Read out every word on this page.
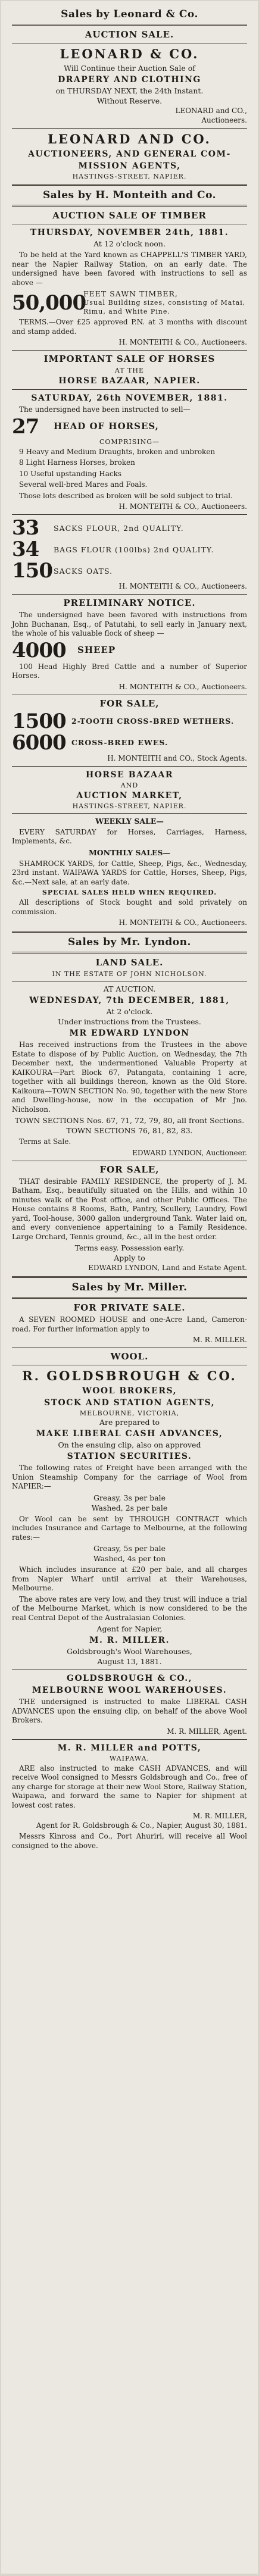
Sales by Leonard & Co.
AUCTION SALE.
LEONARD & CO.
Will Continue their Auction Sale of
DRAPERY AND CLOTHING
on THURSDAY NEXT, the 24th Instant.
Without Reserve.
LEONARD and CO.,
Auctioneers.
LEONARD AND CO.
AUCTIONEERS, AND GENERAL COM-
MISSION AGENTS,
HASTINGS-STREET, NAPIER.
Sales by H. Monteith and Co.
AUCTION SALE OF TIMBER
THURSDAY, NOVEMBER 24th, 1881.
At 12 o'clock noon.
To be held at the Yard known as CHAPPELL'S TIMBER YARD, near the Napier Railway Station, on an early date. The undersigned have been favored with instructions to sell as above —
50,000
FEET SAWN TIMBER,
Usual Building sizes, consisting of Matai, Rimu, and White Pine.
TERMS.—Over £25 approved P.N. at 3 months with discount and stamp added.
H. MONTEITH & CO., Auctioneers.
IMPORTANT SALE OF HORSES
AT THE
HORSE BAZAAR, NAPIER.
SATURDAY, 26th NOVEMBER, 1881.
The undersigned have been instructed to sell—
27	HEAD OF HORSES,
COMPRISING—
9 Heavy and Medium Draughts, broken and unbroken
8 Light Harness Horses, broken
10 Useful upstanding Hacks
Several well-bred Mares and Foals.
Those lots described as broken will be sold subject to trial.
H. MONTEITH & CO., Auctioneers.
33	SACKS FLOUR, 2nd QUALITY.
34	BAGS FLOUR (100lbs) 2nd QUALITY.
150 SACKS OATS.
H. MONTEITH & CO., Auctioneers.
PRELIMINARY NOTICE.
The undersigned have been favored with instructions from John Buchanan, Esq., of Patutahi, to sell early in January next, the whole of his valuable flock of sheep —
4000	SHEEP
100 Head Highly Bred Cattle and a number of Superior Horses.
H. MONTEITH & CO., Auctioneers.
FOR SALE,
1500 2-TOOTH CROSS-BRED WETHERS.
6000 CROSS-BRED EWES.
H. MONTEITH and CO., Stock Agents.
HORSE BAZAAR
AND
AUCTION MARKET,
HASTINGS-STREET, NAPIER.
WEEKLY SALE—
EVERY SATURDAY for Horses, Carriages, Harness, Implements, &c.
MONTHLY SALES—
SHAMROCK YARDS, for Cattle, Sheep, Pigs, &c., Wednesday, 23rd instant. WAIPAWA YARDS for Cattle, Horses, Sheep, Pigs, &c.—Next sale, at an early date.
SPECIAL SALES HELD WHEN REQUIRED.
All descriptions of Stock bought and sold privately on commission.
H. MONTEITH & CO., Auctioneers.
Sales by Mr. Lyndon.
LAND SALE.
IN THE ESTATE OF JOHN NICHOLSON.
AT AUCTION.
WEDNESDAY, 7th DECEMBER, 1881,
At 2 o'clock.
Under instructions from the Trustees.
MR EDWARD LYNDON
Has received instructions from the Trustees in the above Estate to dispose of by Public Auction, on Wednesday, the 7th December next, the undermentioned Valuable Property at KAIKOURA—Part Block 67, Patangata, containing 1 acre, together with all buildings thereon, known as the Old Store. Kaikoura—TOWN SECTION No. 90, together with the new Store and Dwelling-house, now in the occupation of Mr Jno. Nicholson.
TOWN SECTIONS Nos. 67, 71, 72, 79, 80, all front Sections.
TOWN SECTIONS 76, 81, 82, 83.
Terms at Sale.
EDWARD LYNDON, Auctioneer.
FOR SALE,
THAT desirable FAMILY RESIDENCE, the property of J. M. Batham, Esq., beautifully situated on the Hills, and within 10 minutes walk of the Post office, and other Public Offices. The House contains 8 Rooms, Bath, Pantry, Scullery, Laundry, Fowl yard, Tool-house, 3000 gallon underground Tank. Water laid on, and every convenience appertaining to a Family Residence. Large Orchard, Tennis ground, &c., all in the best order.
Terms easy. Possession early.
Apply to
EDWARD LYNDON, Land and Estate Agent.
Sales by Mr. Miller.
FOR PRIVATE SALE.
A SEVEN ROOMED HOUSE and one-Acre Land, Cameron-road. For further information apply to
M. R. MILLER.
WOOL.
R. GOLDSBROUGH & CO.
WOOL BROKERS,
STOCK AND STATION AGENTS,
MELBOURNE, VICTORIA,
Are prepared to
MAKE LIBERAL CASH ADVANCES,
On the ensuing clip, also on approved
STATION SECURITIES.
The following rates of Freight have been arranged with the Union Steamship Company for the carriage of Wool from NAPIER:—
Greasy, 3s per bale
Washed, 2s per bale
Or Wool can be sent by THROUGH CONTRACT which includes Insurance and Cartage to Melbourne, at the following rates:—
Greasy, 5s per bale
Washed, 4s per ton
Which includes insurance at £20 per bale, and all charges from Napier Wharf until arrival at their Warehouses, Melbourne.
The above rates are very low, and they trust will induce a trial of the Melbourne Market, which is now considered to be the real Central Depot of the Australasian Colonies.
Agent for Napier,
M. R. MILLER.
Goldsbrough's Wool Warehouses,
August 13, 1881.
GOLDSBROUGH & CO.,
MELBOURNE WOOL WAREHOUSES.
THE undersigned is instructed to make LIBERAL CASH ADVANCES upon the ensuing clip, on behalf of the above Wool Brokers.
M. R. MILLER, Agent.
M. R. MILLER and POTTS,
WAIPAWA,
ARE also instructed to make CASH ADVANCES, and will receive Wool consigned to Messrs Goldsbrough and Co., free of any charge for storage at their new Wool Store, Railway Station, Waipawa, and forward the same to Napier for shipment at lowest cost rates.
M. R. MILLER,
Agent for R. Goldsbrough & Co., Napier, August 30, 1881.
Messrs Kinross and Co., Port Ahuriri, will receive all Wool consigned to the above.
